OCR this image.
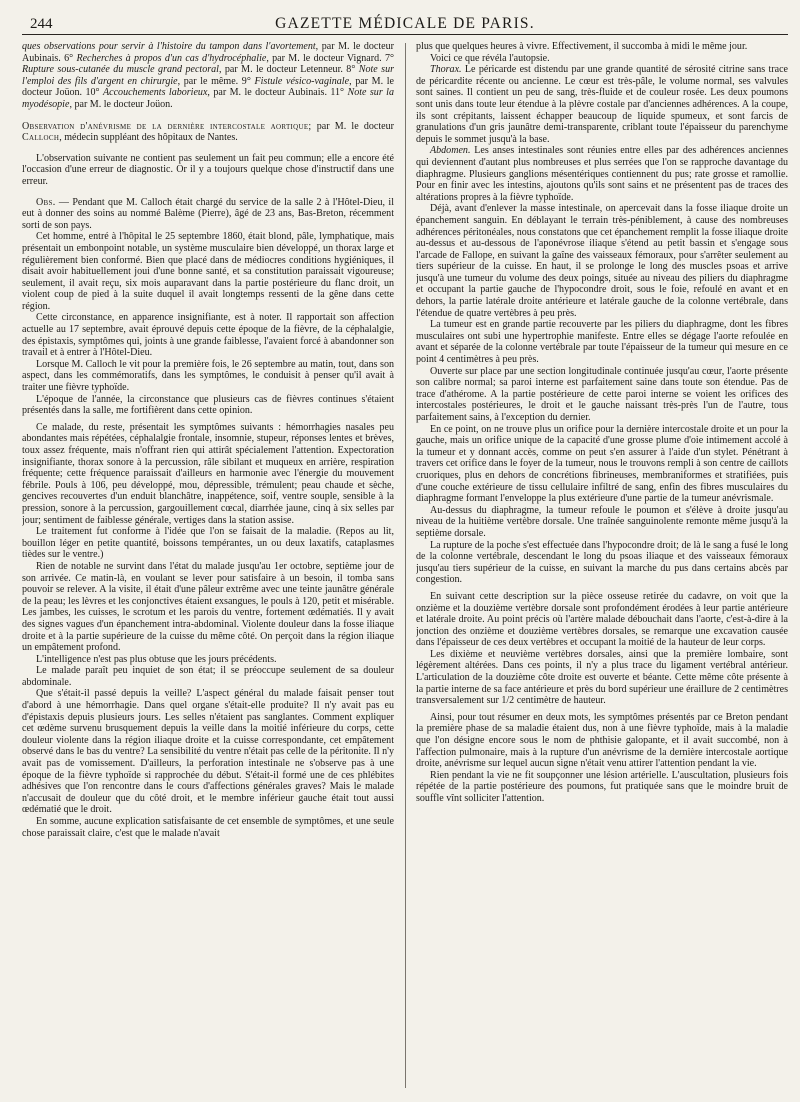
244	GAZETTE MÉDICALE DE PARIS.

ques observations pour servir à l'histoire du tampon dans l'avortement, par M. le docteur Aubinais. 6° Recherches à propos d'un cas d'hydrocéphalie, par M. le docteur Vignard. 7° Rupture sous-cutanée du muscle grand pectoral, par M. le docteur Letenneur. 8° Note sur l'emploi des fils d'argent en chirurgie, par le même. 9° Fistule vésico-vaginale, par M. le docteur Joüon. 10° Accouchements laborieux, par M. le docteur Aubinais. 11° Note sur la myodésopie, par M. le docteur Joüon.

Observation d'anévrisme de la dernière intercostale aortique; par M. le docteur Calloch, médecin suppléant des hôpitaux de Nantes.

L'observation suivante ne contient pas seulement un fait peu commun; elle a encore été l'occasion d'une erreur de diagnostic. Or il y a toujours quelque chose d'instructif dans une erreur.

Obs. — Pendant que M. Calloch était chargé du service de la salle 2 à l'Hôtel-Dieu, il eut à donner des soins au nommé Balème (Pierre), âgé de 23 ans, Bas-Breton, récemment sorti de son pays.

Cet homme, entré à l'hôpital le 25 septembre 1860, était blond, pâle, lymphatique, mais présentait un embonpoint notable, un système musculaire bien développé, un thorax large et régulièrement bien conformé. Bien que placé dans de médiocres conditions hygiéniques, il disait avoir habituellement joui d'une bonne santé, et sa constitution paraissait vigoureuse; seulement, il avait reçu, six mois auparavant dans la partie postérieure du flanc droit, un violent coup de pied à la suite duquel il avait longtemps ressenti de la gêne dans cette région.

Cette circonstance, en apparence insignifiante, est à noter. Il rapportait son affection actuelle au 17 septembre, avait éprouvé depuis cette époque de la fièvre, de la céphalalgie, des épistaxis, symptômes qui, joints à une grande faiblesse, l'avaient forcé à abandonner son travail et à entrer à l'Hôtel-Dieu.

Lorsque M. Calloch le vit pour la première fois, le 26 septembre au matin, tout, dans son aspect, dans les commémoratifs, dans les symptômes, le conduisit à penser qu'il avait à traiter une fièvre typhoïde.

L'époque de l'année, la circonstance que plusieurs cas de fièvres continues s'étaient présentés dans la salle, me fortifièrent dans cette opinion.

Ce malade, du reste, présentait les symptômes suivants : hémorrhagies nasales peu abondantes mais répétées, céphalalgie frontale, insomnie, stupeur, réponses lentes et brèves, toux assez fréquente, mais n'offrant rien qui attirât spécialement l'attention. Expectoration insignifiante, thorax sonore à la percussion, râle sibilant et muqueux en arrière, respiration fréquente; cette fréquence paraissait d'ailleurs en harmonie avec l'énergie du mouvement fébrile. Pouls à 106, peu développé, mou, dépressible, trémulent; peau chaude et sèche, gencives recouvertes d'un enduit blanchâtre, inappétence, soif, ventre souple, sensible à la pression, sonore à la percussion, gargouillement cœcal, diarrhée jaune, cinq à six selles par jour; sentiment de faiblesse générale, vertiges dans la station assise.

Le traitement fut conforme à l'idée que l'on se faisait de la maladie. (Repos au lit, bouillon léger en petite quantité, boissons tempérantes, un ou deux laxatifs, cataplasmes tièdes sur le ventre.)

Rien de notable ne survint dans l'état du malade jusqu'au 1er octobre, septième jour de son arrivée. Ce matin-là, en voulant se lever pour satisfaire à un besoin, il tomba sans pouvoir se relever. A la visite, il était d'une pâleur extrême avec une teinte jaunâtre générale de la peau; les lèvres et les conjonctives étaient exsangues, le pouls à 120, petit et misérable. Les jambes, les cuisses, le scrotum et les parois du ventre, fortement œdématiés. Il y avait des signes vagues d'un épanchement intra-abdominal. Violente douleur dans la fosse iliaque droite et à la partie supérieure de la cuisse du même côté. On perçoit dans la région iliaque un empâtement profond.

L'intelligence n'est pas plus obtuse que les jours précédents.

Le malade paraît peu inquiet de son état; il se préoccupe seulement de sa douleur abdominale.

Que s'était-il passé depuis la veille? L'aspect général du malade faisait penser tout d'abord à une hémorrhagie. Dans quel organe s'était-elle produite? Il n'y avait pas eu d'épistaxis depuis plusieurs jours. Les selles n'étaient pas sanglantes. Comment expliquer cet œdème survenu brusquement depuis la veille dans la moitié inférieure du corps, cette douleur violente dans la région iliaque droite et la cuisse correspondante, cet empâtement observé dans le bas du ventre? La sensibilité du ventre n'était pas celle de la péritonite. Il n'y avait pas de vomissement. D'ailleurs, la perforation intestinale ne s'observe pas à une époque de la fièvre typhoïde si rapprochée du début. S'était-il formé une de ces phlébites adhésives que l'on rencontre dans le cours d'affections générales graves? Mais le malade n'accusait de douleur que du côté droit, et le membre inférieur gauche était tout aussi œdématié que le droit.

En somme, aucune explication satisfaisante de cet ensemble de symptômes, et une seule chose paraissait claire, c'est que le malade n'avait

plus que quelques heures à vivre. Effectivement, il succomba à midi le même jour.

Voici ce que révéla l'autopsie.

Thorax. Le péricarde est distendu par une grande quantité de sérosité citrine sans trace de péricardite récente ou ancienne. Le cœur est très-pâle, le volume normal, ses valvules sont saines. Il contient un peu de sang, très-fluide et de couleur rosée. Les deux poumons sont unis dans toute leur étendue à la plèvre costale par d'anciennes adhérences. A la coupe, ils sont crépitants, laissent échapper beaucoup de liquide spumeux, et sont farcis de granulations d'un gris jaunâtre demi-transparente, criblant toute l'épaisseur du parenchyme depuis le sommet jusqu'à la base.

Abdomen. Les anses intestinales sont réunies entre elles par des adhérences anciennes qui deviennent d'autant plus nombreuses et plus serrées que l'on se rapproche davantage du diaphragme. Plusieurs ganglions mésentériques contiennent du pus; rate grosse et ramollie. Pour en finir avec les intestins, ajoutons qu'ils sont sains et ne présentent pas de traces des altérations propres à la fièvre typhoïde.

Déjà, avant d'enlever la masse intestinale, on apercevait dans la fosse iliaque droite un épanchement sanguin. En déblayant le terrain très-péniblement, à cause des nombreuses adhérences péritonéales, nous constatons que cet épanchement remplit la fosse iliaque droite au-dessus et au-dessous de l'aponévrose iliaque s'étend au petit bassin et s'engage sous l'arcade de Fallope, en suivant la gaîne des vaisseaux fémoraux, pour s'arrêter seulement au tiers supérieur de la cuisse. En haut, il se prolonge le long des muscles psoas et arrive jusqu'à une tumeur du volume des deux poings, située au niveau des piliers du diaphragme et occupant la partie gauche de l'hypocondre droit, sous le foie, refoulé en avant et en dehors, la partie latérale droite antérieure et latérale gauche de la colonne vertébrale, dans l'étendue de quatre vertèbres à peu près.

La tumeur est en grande partie recouverte par les piliers du diaphragme, dont les fibres musculaires ont subi une hypertrophie manifeste. Entre elles se dégage l'aorte refoulée en avant et séparée de la colonne vertébrale par toute l'épaisseur de la tumeur qui mesure en ce point 4 centimètres à peu près.

Ouverte sur place par une section longitudinale continuée jusqu'au cœur, l'aorte présente son calibre normal; sa paroi interne est parfaitement saine dans toute son étendue. Pas de trace d'athérome. A la partie postérieure de cette paroi interne se voient les orifices des intercostales postérieures, le droit et le gauche naissant très-près l'un de l'autre, tous parfaitement sains, à l'exception du dernier.

En ce point, on ne trouve plus un orifice pour la dernière intercostale droite et un pour la gauche, mais un orifice unique de la capacité d'une grosse plume d'oie intimement accolé à la tumeur et y donnant accès, comme on peut s'en assurer à l'aide d'un stylet. Pénétrant à travers cet orifice dans le foyer de la tumeur, nous le trouvons rempli à son centre de caillots cruoriques, plus en dehors de concrétions fibrineuses, membraniformes et stratifiées, puis d'une couche extérieure de tissu cellulaire infiltré de sang, enfin des fibres musculaires du diaphragme formant l'enveloppe la plus extérieure d'une partie de la tumeur anévrismale.

Au-dessus du diaphragme, la tumeur refoule le poumon et s'élève à droite jusqu'au niveau de la huitième vertèbre dorsale. Une traînée sanguinolente remonte même jusqu'à la septième dorsale.

La rupture de la poche s'est effectuée dans l'hypocondre droit; de là le sang a fusé le long de la colonne vertébrale, descendant le long du psoas iliaque et des vaisseaux fémoraux jusqu'au tiers supérieur de la cuisse, en suivant la marche du pus dans certains abcès par congestion.

En suivant cette description sur la pièce osseuse retirée du cadavre, on voit que la onzième et la douzième vertèbre dorsale sont profondément érodées à leur partie antérieure et latérale droite. Au point précis où l'artère malade débouchait dans l'aorte, c'est-à-dire à la jonction des onzième et douzième vertèbres dorsales, se remarque une excavation causée dans l'épaisseur de ces deux vertèbres et occupant la moitié de la hauteur de leur corps.

Les dixième et neuvième vertèbres dorsales, ainsi que la première lombaire, sont légèrement altérées. Dans ces points, il n'y a plus trace du ligament vertébral antérieur. L'articulation de la douzième côte droite est ouverte et béante. Cette même côte présente à la partie interne de sa face antérieure et près du bord supérieur une éraillure de 2 centimètres transversalement sur 1/2 centimètre de hauteur.

Ainsi, pour tout résumer en deux mots, les symptômes présentés par ce Breton pendant la première phase de sa maladie étaient dus, non à une fièvre typhoïde, mais à la maladie que l'on désigne encore sous le nom de phthisie galopante, et il avait succombé, non à l'affection pulmonaire, mais à la rupture d'un anévrisme de la dernière intercostale aortique droite, anévrisme sur lequel aucun signe n'était venu attirer l'attention pendant la vie.

Rien pendant la vie ne fit soupçonner une lésion artérielle. L'auscultation, plusieurs fois répétée de la partie postérieure des poumons, fut pratiquée sans que le moindre bruit de souffle vînt solliciter l'attention.
